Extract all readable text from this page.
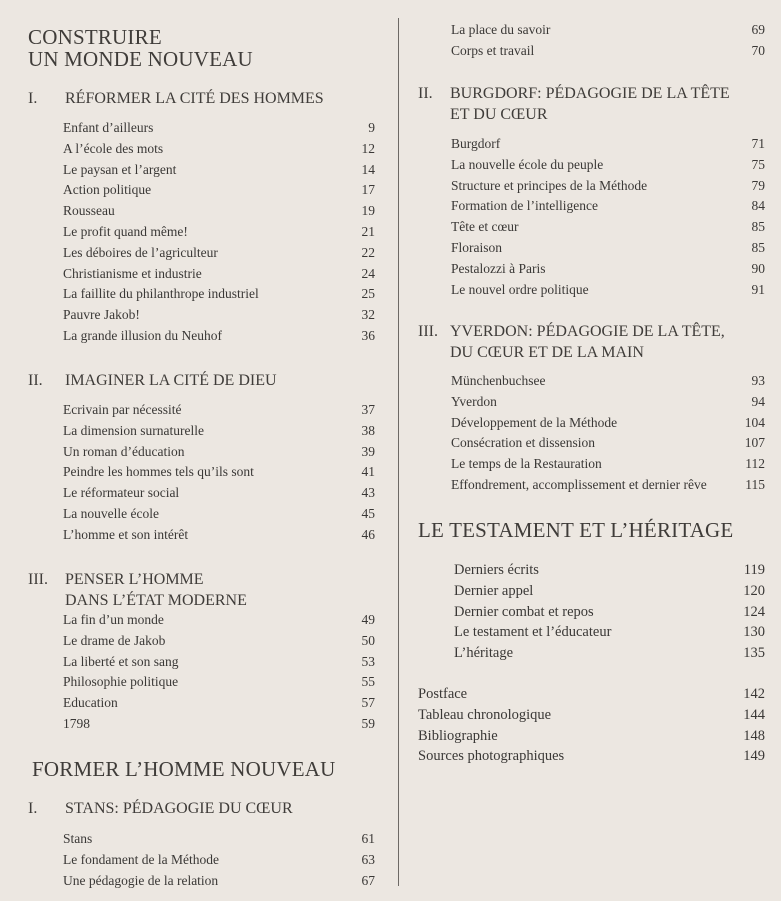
CONSTRUIRE
UN MONDE NOUVEAU
I. RÉFORMER LA CITÉ DES HOMMES
Enfant d’ailleurs	9
A l’école des mots	12
Le paysan et l’argent	14
Action politique	17
Rousseau	19
Le profit quand même!	21
Les déboires de l’agriculteur	22
Christianisme et industrie	24
La faillite du philanthrope industriel	25
Pauvre Jakob!	32
La grande illusion du Neuhof	36
II. IMAGINER LA CITÉ DE DIEU
Ecrivain par nécessité	37
La dimension surnaturelle	38
Un roman d’éducation	39
Peindre les hommes tels qu’ils sont	41
Le réformateur social	43
La nouvelle école	45
L’homme et son intérêt	46
III. PENSER L’HOMME
DANS L’ÉTAT MODERNE
La fin d’un monde	49
Le drame de Jakob	50
La liberté et son sang	53
Philosophie politique	55
Education	57
1798	59
FORMER L’HOMME NOUVEAU
I. STANS: PÉDAGOGIE DU CŒUR
Stans	61
Le fondament de la Méthode	63
Une pédagogie de la relation	67
La place du savoir	69
Corps et travail	70
II. BURGDORF: PÉDAGOGIE DE LA TÊTE
ET DU CŒUR
Burgdorf	71
La nouvelle école du peuple	75
Structure et principes de la Méthode	79
Formation de l’intelligence	84
Tête et cœur	85
Floraison	85
Pestalozzi à Paris	90
Le nouvel ordre politique	91
III. YVERDON: PÉDAGOGIE DE LA TÊTE,
DU CŒUR ET DE LA MAIN
Münchenbuchsee	93
Yverdon	94
Développement de la Méthode	104
Consécration et dissension	107
Le temps de la Restauration	112
Effondrement, accomplissement et dernier rêve	115
LE TESTAMENT ET L’HÉRITAGE
Derniers écrits	119
Dernier appel	120
Dernier combat et repos	124
Le testament et l’éducateur	130
L’héritage	135
Postface	142
Tableau chronologique	144
Bibliographie	148
Sources photographiques	149
